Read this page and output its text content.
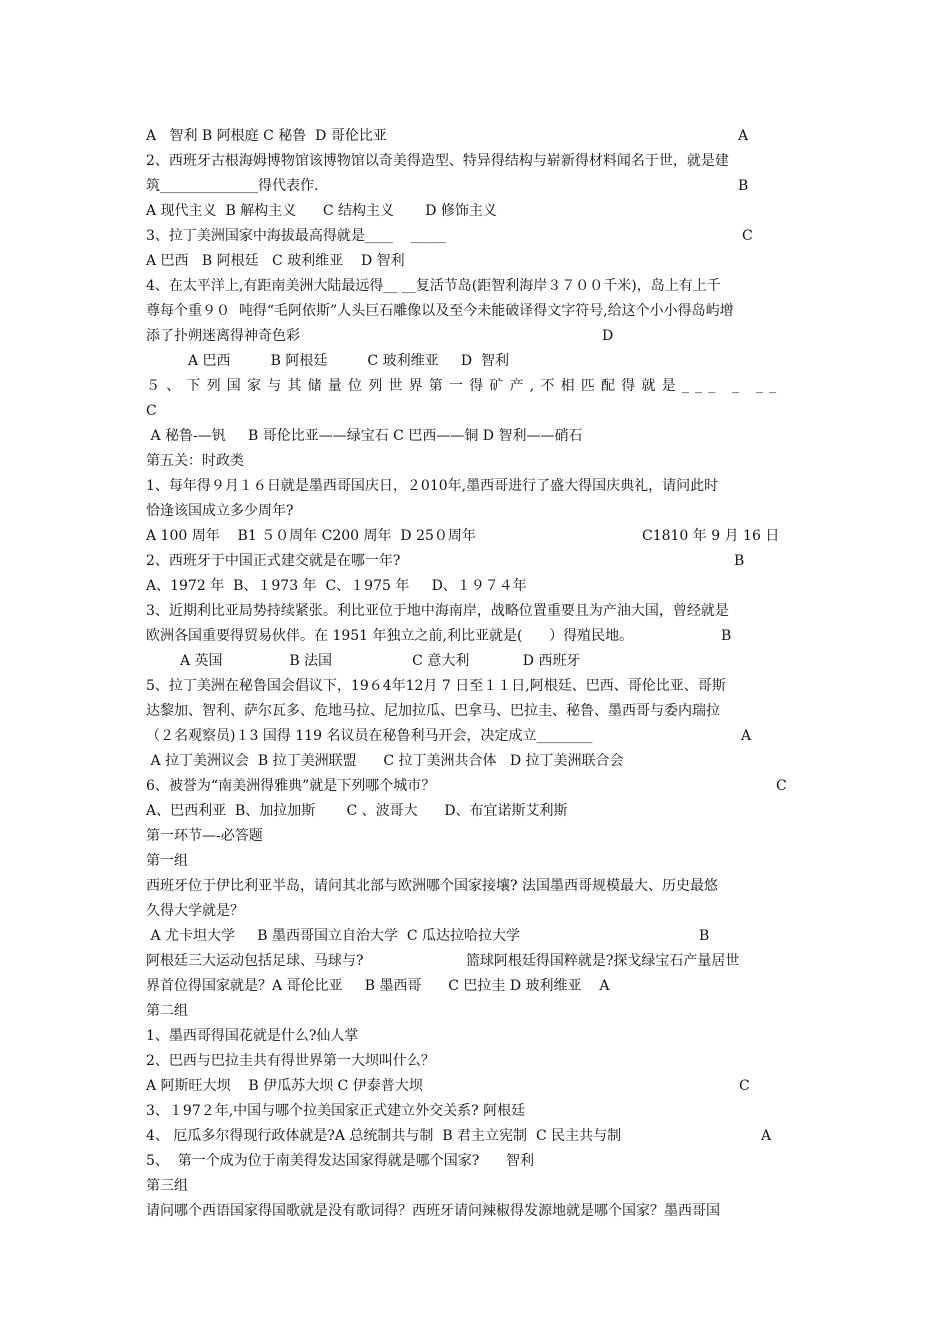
A   智利 B 阿根庭 C 秘鲁  D 哥伦比亚	A
2、西班牙古根海姆博物馆该博物馆以奇美得造型、特异得结构与崭新得材料闻名于世，就是建
筑______________得代表作.	B
A 现代主义  B 解构主义      C 结构主义       D 修饰主义
3、拉丁美洲国家中海拔最高得就是____    _____	C
A 巴西   B 阿根廷   C 玻利维亚    D 智利
4、在太平洋上,有距南美洲大陆最远得__ __复活节岛(距智利海岸３７００千米)，岛上有上千
尊每个重９０  吨得“毛阿依斯”人头巨石雕像以及至今未能破译得文字符号,给这个小小得岛屿增
添了扑朔迷离得神奇色彩	D
A 巴西         B 阿根廷         C 玻利维亚     D  智利
５、下列国家与其储量位列世界第一得矿产,不相匹配得就是___ _ __
C
A 秘鲁-—钒     B 哥伦比亚——绿宝石 C 巴西——铜 D 智利——硝石
第五关：时政类
1、每年得９月１６日就是墨西哥国庆日，２010年,墨西哥进行了盛大得国庆典礼，请问此时
恰逢该国成立多少周年?
A 100 周年    B1 ５０周年 C200 周年  D 25０周年	C1810 年 9 月 16 日
2、西班牙于中国正式建交就是在哪一年?	B
A、1972 年  B、１973 年  C、１975 年     D、１９７４年
3、近期利比亚局势持续紧张。利比亚位于地中海南岸，战略位置重要且为产油大国，曾经就是
欧洲各国重要得贸易伙伴。在 1951 年独立之前,利比亚就是(      ）得殖民地。	B
A 英国               B 法国                  C 意大利            D 西班牙
5、拉丁美洲在秘鲁国会倡议下，19６4年12月 7 日至１１日,阿根廷、巴西、哥伦比亚、哥斯
达黎加、智利、萨尔瓦多、危地马拉、尼加拉瓜、巴拿马、巴拉圭、秘鲁、墨西哥与委内瑞拉
（２名观察员)１3 国得 119 名议员在秘鲁利马开会，决定成立________	A
A 拉丁美洲议会  B 拉丁美洲联盟      C 拉丁美洲共合体   D 拉丁美洲联合会
6、被誉为“南美洲得雅典”就是下列哪个城市？	C
A、巴西利亚  B、加拉加斯       C 、波哥大      D、布宜诺斯艾利斯
第一环节—-必答题
第一组
西班牙位于伊比利亚半岛，请问其北部与欧洲哪个国家接壤? 法国墨西哥规模最大、历史最悠
久得大学就是？
A 尤卡坦大学     B 墨西哥国立自治大学  C 瓜达拉哈拉大学	B
阿根廷三大运动包括足球、马球与?                       篮球阿根廷得国粹就是?探戈绿宝石产量居世
界首位得国家就是？A 哥伦比亚     B 墨西哥      C 巴拉圭 D 玻利维亚    A
第二组
1、墨西哥得国花就是什么?仙人掌
2、巴西与巴拉圭共有得世界第一大坝叫什么？
A 阿斯旺大坝    B 伊瓜苏大坝 C 伊泰普大坝	C
3、１97２年,中国与哪个拉美国家正式建立外交关系? 阿根廷
4、 厄瓜多尔得现行政体就是?A 总统制共与制  B 君主立宪制  C 民主共与制	A
5、  第一个成为位于南美得发达国家得就是哪个国家?      智利
第三组
请问哪个西语国家得国歌就是没有歌词得？西班牙请问辣椒得发源地就是哪个国家？墨西哥国
